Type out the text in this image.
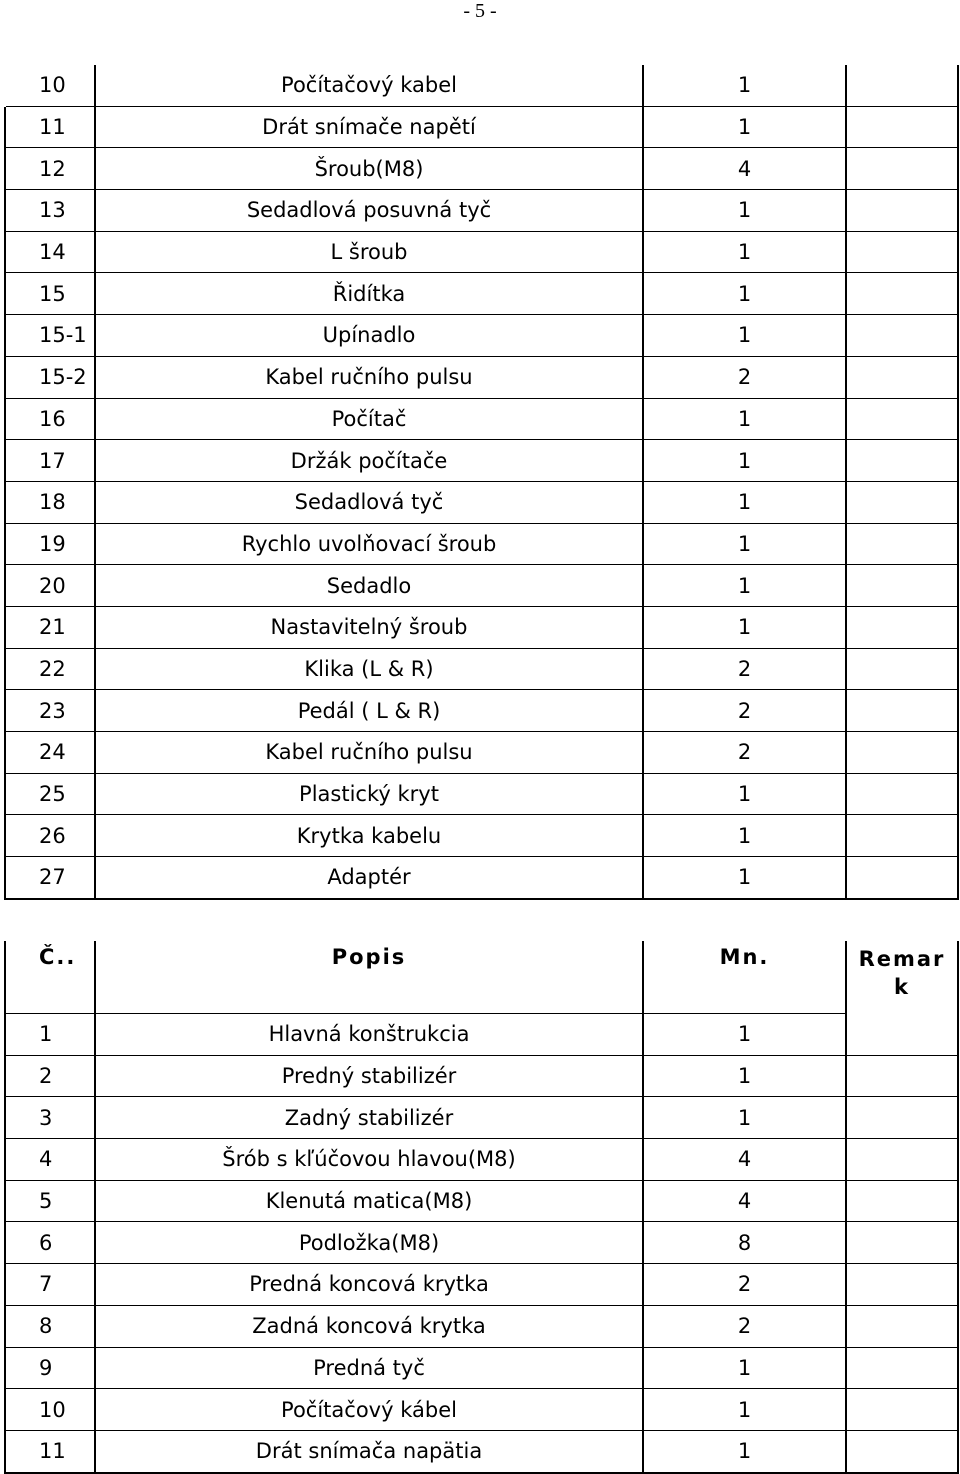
- 5 -
10	Počítačový kabel	1	
11	Drát snímače napětí	1	
12	Šroub(M8)	4	
13	Sedadlová posuvná tyč	1	
14	L šroub	1	
15	Řidítka	1	
15-1	Upínadlo	1	
15-2	Kabel ručního pulsu	2	
16	Počítač	1	
17	Držák počítače	1	
18	Sedadlová tyč	1	
19	Rychlo uvolňovací šroub	1	
20	Sedadlo	1	
21	Nastavitelný šroub	1	
22	Klika (L & R)	2	
23	Pedál ( L & R)	2	
24	Kabel ručního pulsu	2	
25	Plastický kryt	1	
26	Krytka kabelu	1	
27	Adaptér	1	
Č..	Popis	Mn.	Remar k
1	Hlavná konštrukcia	1	
2	Predný stabilizér	1	
3	Zadný stabilizér	1	
4	Šrób s kľúčovou hlavou(M8)	4	
5	Klenutá matica(M8)	4	
6	Podložka(M8)	8	
7	Predná koncová krytka	2	
8	Zadná koncová krytka	2	
9	Predná tyč	1	
10	Počítačový kábel	1	
11	Drát snímača napätia	1	
